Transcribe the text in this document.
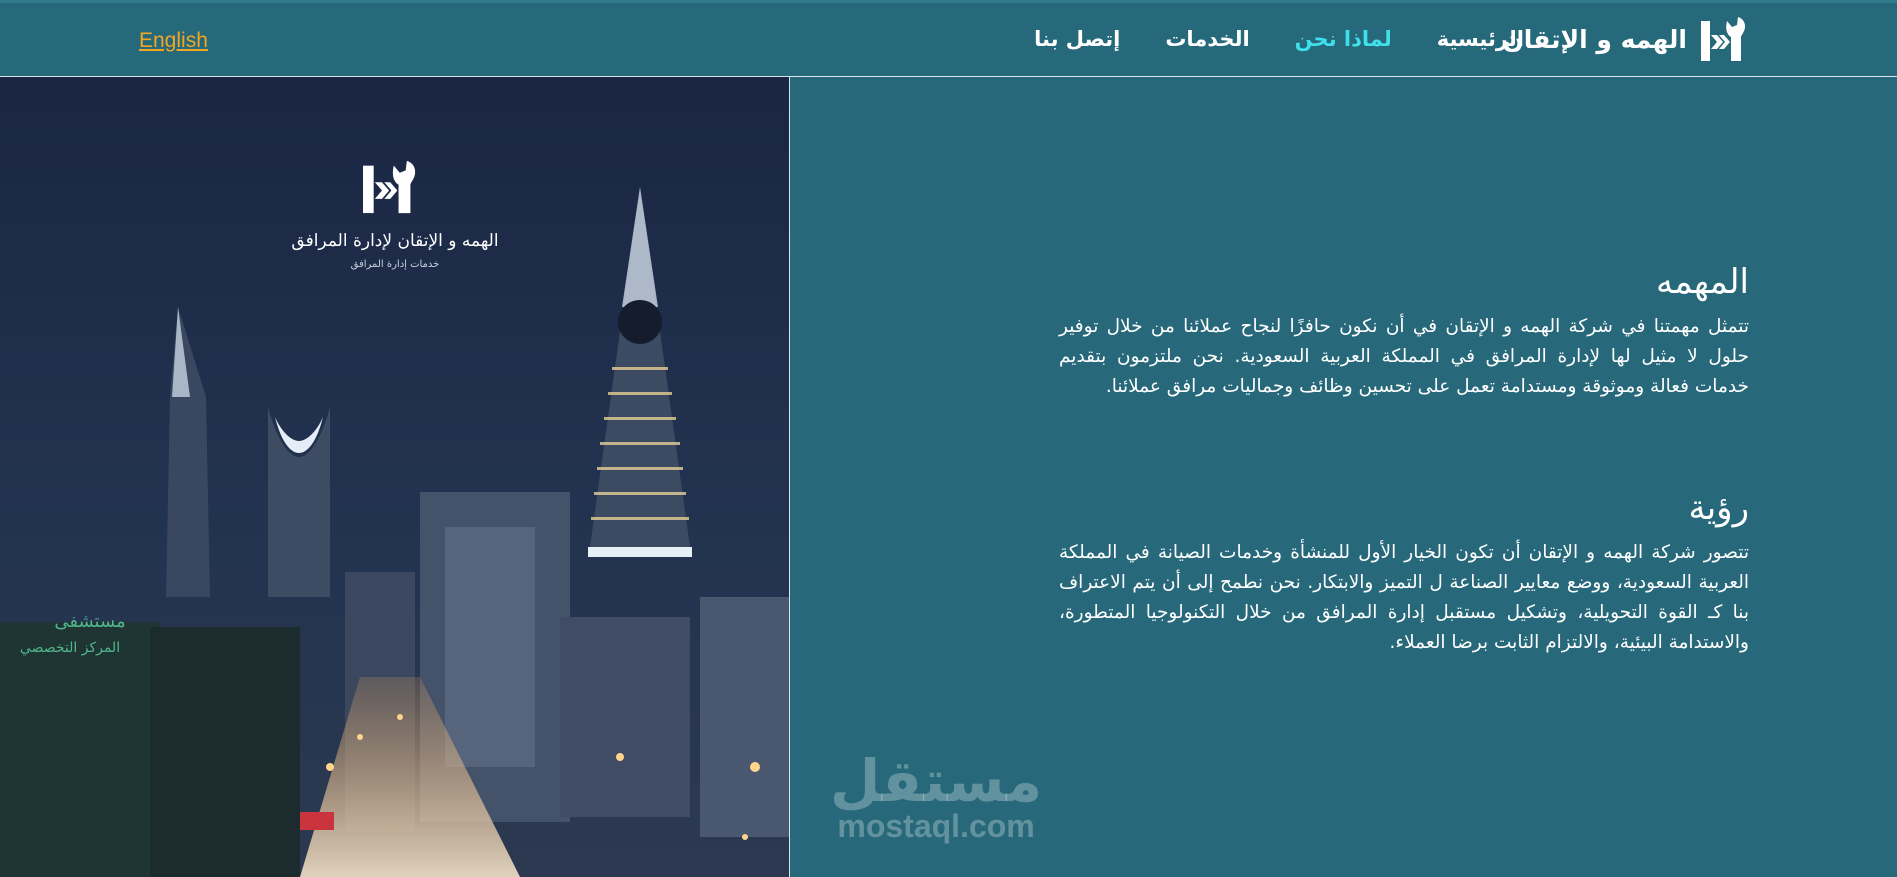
الهمه و الإتقان
الرئيسية
لماذا نحن
الخدمات
إتصل بنا
English
مستشفى
المركز التخصصي
الهمه و الإتقان لإدارة المرافق
خدمات إدارة المرافق	المهمه

تتمثل مهمتنا في شركة الهمه و الإتقان في أن نكون حافزًا لنجاح عملائنا من خلال توفير حلول لا مثيل لها لإدارة المرافق في المملكة العربية السعودية. نحن ملتزمون بتقديم خدمات فعالة وموثوقة ومستدامة تعمل على تحسين وظائف وجماليات مرافق عملائنا.

رؤية

تتصور شركة الهمه و الإتقان أن تكون الخيار الأول للمنشأة وخدمات الصيانة في المملكة العربية السعودية، ووضع معايير الصناعة ل التميز والابتكار. نحن نطمح إلى أن يتم الاعتراف بنا كـ القوة التحويلية، وتشكيل مستقبل إدارة المرافق من خلال التكنولوجيا المتطورة، والاستدامة البيئية، والالتزام الثابت برضا العملاء.

مستقل
mostaql.com
